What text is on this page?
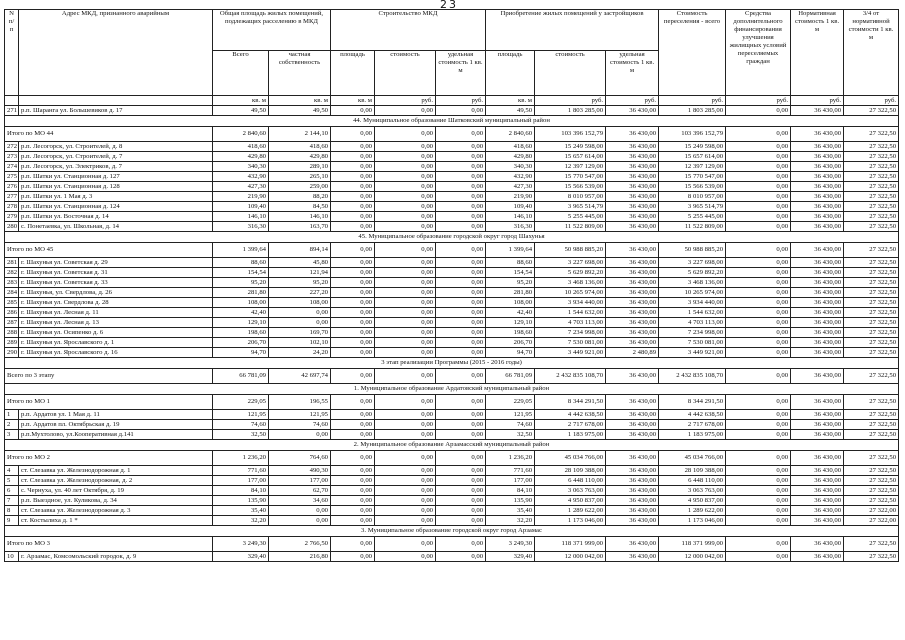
23
N п/п	Адрес МКД, признанного аварийным	Общая площадь жилых помещений, подлежащих расселению в МКД		Строительство МКД			Приобретение жилых помещений у застройщиков			Стоимость переселения - всего	Средства дополнительного финансирования улучшения жилищных условий переселяемых граждан	Нормативная стоимость 1 кв. м	3/4 от нормативной стоимости 1 кв. м
		Всего	частная собственность	площадь	стоимость	удельная стоимость 1 кв. м	площадь	стоимость	удельная стоимость 1 кв. м				
		кв. м	кв. м	кв. м	руб.	руб.	кв. м	руб.	руб.	руб.	руб.	руб.	руб.
271	р.п. Шаранга ул. Большевиков д. 17	49,50	49,50	0,00	0,00	0,00	49,50	1 803 285,00	36 430,00	1 803 285,00	0,00	36 430,00	27 322,50
44. Муниципальное образование Шатковский муниципальный район													
Итого по МО 44		2 840,60	2 144,10	0,00	0,00	0,00	2 840,60	103 396 152,79	36 430,00	103 396 152,79	0,00	36 430,00	27 322,50
272	р.п. Лесогорск, ул. Строителей, д. 8	418,60	418,60	0,00	0,00	0,00	418,60	15 249 598,00	36 430,00	15 249 598,00	0,00	36 430,00	27 322,50
273	р.п. Лесогорск, ул. Строителей, д. 7	429,80	429,80	0,00	0,00	0,00	429,80	15 657 614,00	36 430,00	15 657 614,00	0,00	36 430,00	27 322,50
274	р.п. Лесогорск, ул. Электриков, д. 7	340,30	289,10	0,00	0,00	0,00	340,30	12 397 129,00	36 430,00	12 397 129,00	0,00	36 430,00	27 322,50
275	р.п. Шатки ул. Станционная д. 127	432,90	265,10	0,00	0,00	0,00	432,90	15 770 547,00	36 430,00	15 770 547,00	0,00	36 430,00	27 322,50
276	р.п. Шатки ул. Станционная д. 128	427,30	259,00	0,00	0,00	0,00	427,30	15 566 539,00	36 430,00	15 566 539,00	0,00	36 430,00	27 322,50
277	р.п. Шатки ул. 1 Мая д. 3	219,90	88,20	0,00	0,00	0,00	219,90	8 010 957,00	36 430,00	8 010 957,00	0,00	36 430,00	27 322,50
278	р.п. Шатки ул. Станционная д. 124	109,40	84,50	0,00	0,00	0,00	109,40	3 965 514,79	36 430,00	3 965 514,79	0,00	36 430,00	27 322,50
279	р.п. Шатки ул. Восточная д. 14	146,10	146,10	0,00	0,00	0,00	146,10	5 255 445,00	36 430,00	5 255 445,00	0,00	36 430,00	27 322,50
280	с. Понетаевка, ул. Школьная, д. 14	316,30	163,70	0,00	0,00	0,00	316,30	11 522 809,00	36 430,00	11 522 809,00	0,00	36 430,00	27 322,50
45. Муниципальное образование городской округ город Шахунья													
Итого по МО 45		1 399,64	894,14	0,00	0,00	0,00	1 399,64	50 988 885,20	36 430,00	50 988 885,20	0,00	36 430,00	27 322,50
281	г. Шахунья ул. Советская д. 29	88,60	45,80	0,00	0,00	0,00	88,60	3 227 698,00	36 430,00	3 227 698,00	0,00	36 430,00	27 322,50
282	г. Шахунья ул. Советская д. 31	154,54	121,94	0,00	0,00	0,00	154,54	5 629 892,20	36 430,00	5 629 892,20	0,00	36 430,00	27 322,50
283	г. Шахунья ул. Советская д. 33	95,20	95,20	0,00	0,00	0,00	95,20	3 468 136,00	36 430,00	3 468 136,00	0,00	36 430,00	27 322,50
284	г. Шахунья, ул. Свердлова, д. 26	281,80	227,20	0,00	0,00	0,00	281,80	10 265 974,00	36 430,00	10 265 974,00	0,00	36 430,00	27 322,50
285	г. Шахунья ул. Свердлова д. 28	108,00	108,00	0,00	0,00	0,00	108,00	3 934 440,00	36 430,00	3 934 440,00	0,00	36 430,00	27 322,50
286	г. Шахунья ул. Лесная д. 11	42,40	0,00	0,00	0,00	0,00	42,40	1 544 632,00	36 430,00	1 544 632,00	0,00	36 430,00	27 322,50
287	г. Шахунья ул. Лесная д. 13	129,10	0,00	0,00	0,00	0,00	129,10	4 703 113,00	36 430,00	4 703 113,00	0,00	36 430,00	27 322,50
288	г. Шахунья ул. Осипенко д. 6	198,60	169,70	0,00	0,00	0,00	198,60	7 234 998,00	36 430,00	7 234 998,00	0,00	36 430,00	27 322,50
289	г. Шахунья ул. Ярославского д. 1	206,70	102,10	0,00	0,00	0,00	206,70	7 530 081,00	36 430,00	7 530 081,00	0,00	36 430,00	27 322,50
290	г. Шахунья ул. Ярославского д. 16	94,70	24,20	0,00	0,00	0,00	94,70	3 449 921,00	2 480,89	3 449 921,00	0,00	36 430,00	27 322,50
3 этап реализации Программы (2015 - 2016 годы)													
Всего по 3 этапу		66 781,09	42 697,74	0,00	0,00	0,00	66 781,09	2 432 835 108,70	36 430,00	2 432 835 108,70	0,00	36 430,00	27 322,50
1. Муниципальное образование Ардатовский муниципальный район													
Итого по МО 1		229,05	196,55	0,00	0,00	0,00	229,05	8 344 291,50	36 430,00	8 344 291,50	0,00	36 430,00	27 322,50
1	р.п. Ардатов ул. 1 Мая д. 11	121,95	121,95	0,00	0,00	0,00	121,95	4 442 638,50	36 430,00	4 442 638,50	0,00	36 430,00	27 322,50
2	р.п. Ардатов пл. Октябрьская д. 19	74,60	74,60	0,00	0,00	0,00	74,60	2 717 678,00	36 430,00	2 717 678,00	0,00	36 430,00	27 322,50
3	р.п.Мухтолово, ул.Кооперативная д.141	32,50	0,00	0,00	0,00	0,00	32,50	1 183 975,00	36 430,00	1 183 975,00	0,00	36 430,00	27 322,50
2. Муниципальное образование Арзамасский муниципальный район													
Итого по МО 2		1 236,20	764,60	0,00	0,00	0,00	1 236,20	45 034 766,00	36 430,00	45 034 766,00	0,00	36 430,00	27 322,50
4	ст. Слезавка ул. Железнодорожная д. 1	771,60	490,30	0,00	0,00	0,00	771,60	28 109 388,00	36 430,00	28 109 388,00	0,00	36 430,00	27 322,50
5	ст. Слезавка ул. Железнодорожная, д. 2	177,00	177,00	0,00	0,00	0,00	177,00	6 448 110,00	36 430,00	6 448 110,00	0,00	36 430,00	27 322,50
6	с. Чернуха, ул. 40 лет Октября, д. 19	84,10	62,70	0,00	0,00	0,00	84,10	3 063 763,00	36 430,00	3 063 763,00	0,00	36 430,00	27 322,50
7	р.п. Выездное, ул. Куликова, д. 34	135,90	34,60	0,00	0,00	0,00	135,90	4 950 837,00	36 430,00	4 950 837,00	0,00	36 430,00	27 322,50
8	ст. Слезавка ул. Железнодорожная д. 3	35,40	0,00	0,00	0,00	0,00	35,40	1 289 622,00	36 430,00	1 289 622,00	0,00	36 430,00	27 322,00
9	ст. Костылиха д. 1 *	32,20	0,00	0,00	0,00	0,00	32,20	1 173 046,00	36 430,00	1 173 046,00	0,00	36 430,00	27 322,00
3. Муниципальное образование городской округ город Арзамас													
Итого по МО 3		3 249,30	2 766,50	0,00	0,00	0,00	3 249,30	118 371 999,00	36 430,00	118 371 999,00	0,00	36 430,00	27 322,50
10	г. Арзамас, Комсомольский городок, д. 9	329,40	216,80	0,00	0,00	0,00	329,40	12 000 042,00	36 430,00	12 000 042,00	0,00	36 430,00	27 322,50
